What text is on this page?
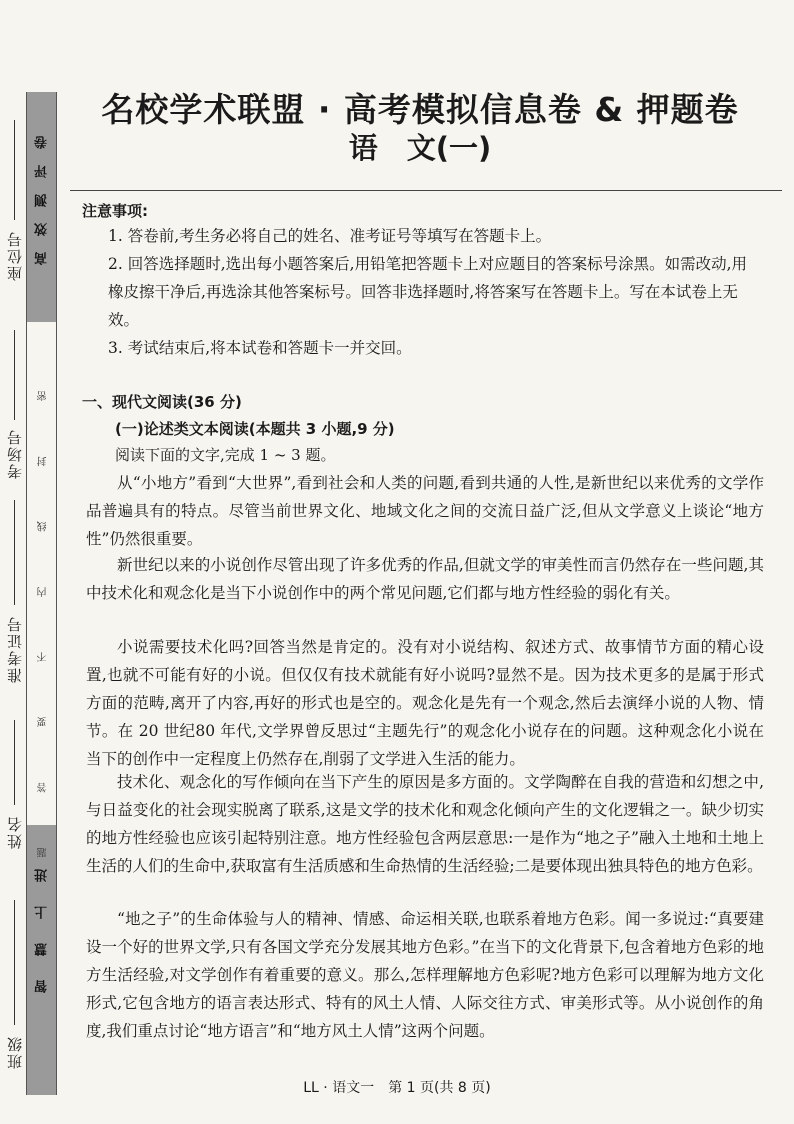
座位号
考场号
准考证号
姓名
班级
高效测评卷
题 答 要 不 内 线 封 密
智慧上进
名校学术联盟 · 高考模拟信息卷 & 押题卷
语　文(一)
注意事项:
1. 答卷前,考生务必将自己的姓名、准考证号等填写在答题卡上。
2. 回答选择题时,选出每小题答案后,用铅笔把答题卡上对应题目的答案标号涂黑。如需改动,用橡皮擦干净后,再选涂其他答案标号。回答非选择题时,将答案写在答题卡上。写在本试卷上无效。
3. 考试结束后,将本试卷和答题卡一并交回。
一、现代文阅读(36 分)
(一)论述类文本阅读(本题共 3 小题,9 分)
阅读下面的文字,完成 1 ~ 3 题。
从“小地方”看到“大世界”,看到社会和人类的问题,看到共通的人性,是新世纪以来优秀的文学作品普遍具有的特点。尽管当前世界文化、地域文化之间的交流日益广泛,但从文学意义上谈论“地方性”仍然很重要。
新世纪以来的小说创作尽管出现了许多优秀的作品,但就文学的审美性而言仍然存在一些问题,其中技术化和观念化是当下小说创作中的两个常见问题,它们都与地方性经验的弱化有关。
小说需要技术化吗?回答当然是肯定的。没有对小说结构、叙述方式、故事情节方面的精心设置,也就不可能有好的小说。但仅仅有技术就能有好小说吗?显然不是。因为技术更多的是属于形式方面的范畴,离开了内容,再好的形式也是空的。观念化是先有一个观念,然后去演绎小说的人物、情节。在 20 世纪80 年代,文学界曾反思过“主题先行”的观念化小说存在的问题。这种观念化小说在当下的创作中一定程度上仍然存在,削弱了文学进入生活的能力。
技术化、观念化的写作倾向在当下产生的原因是多方面的。文学陶醉在自我的营造和幻想之中,与日益变化的社会现实脱离了联系,这是文学的技术化和观念化倾向产生的文化逻辑之一。缺少切实的地方性经验也应该引起特别注意。地方性经验包含两层意思:一是作为“地之子”融入土地和土地上生活的人们的生命中,获取富有生活质感和生命热情的生活经验;二是要体现出独具特色的地方色彩。
“地之子”的生命体验与人的精神、情感、命运相关联,也联系着地方色彩。闻一多说过:“真要建设一个好的世界文学,只有各国文学充分发展其地方色彩。”在当下的文化背景下,包含着地方色彩的地方生活经验,对文学创作有着重要的意义。那么,怎样理解地方色彩呢?地方色彩可以理解为地方文化形式,它包含地方的语言表达形式、特有的风土人情、人际交往方式、审美形式等。从小说创作的角度,我们重点讨论“地方语言”和“地方风土人情”这两个问题。
LL · 语文一　第 1 页(共 8 页)
